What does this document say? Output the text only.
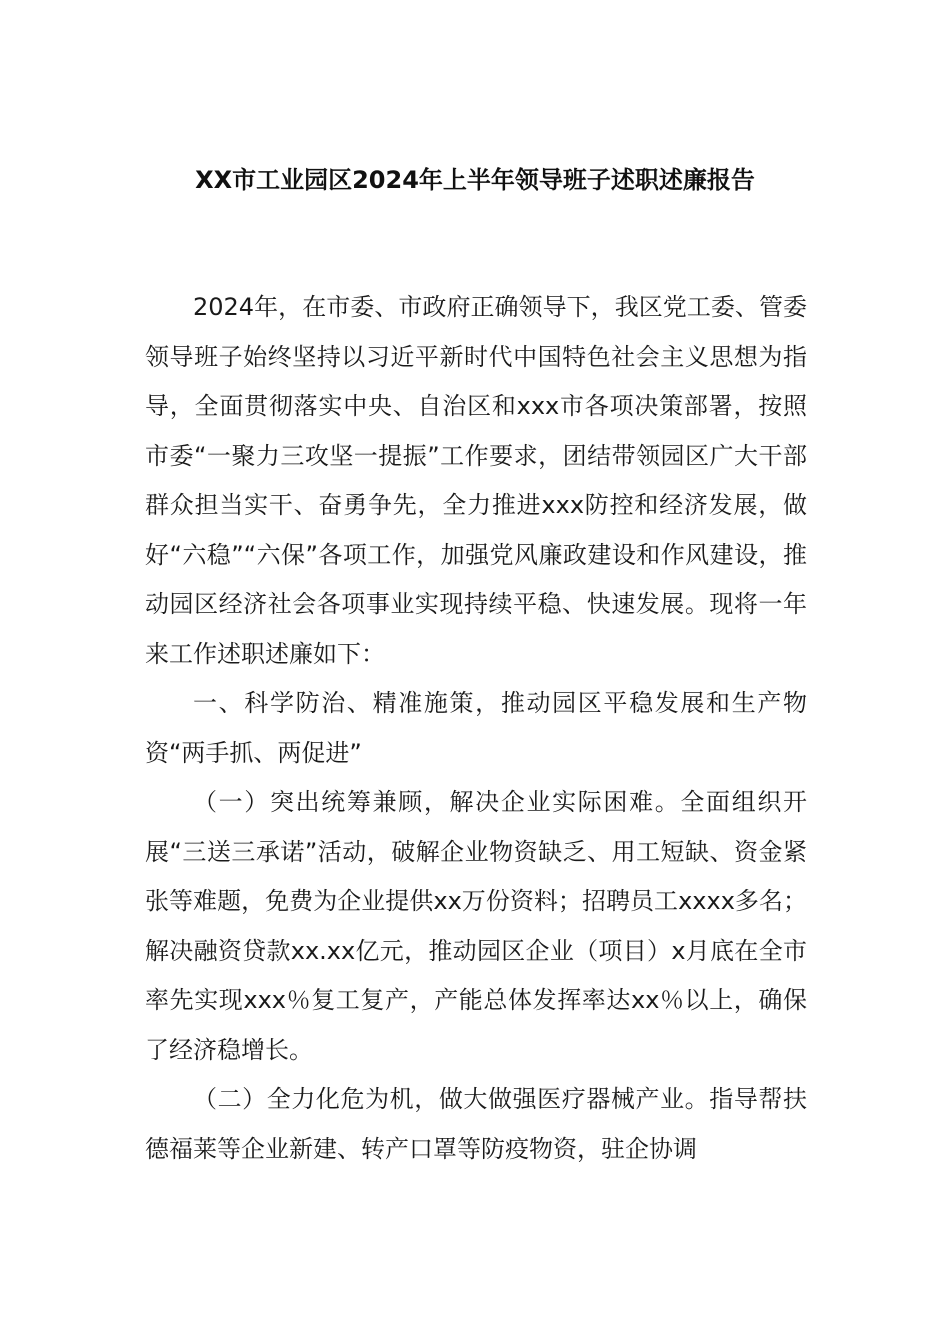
XX市工业园区2024年上半年领导班子述职述廉报告

2024年，在市委、市政府正确领导下，我区党工委、管委领导班子始终坚持以习近平新时代中国特色社会主义思想为指导，全面贯彻落实中央、自治区和xxx市各项决策部署，按照市委“一聚力三攻坚一提振”工作要求，团结带领园区广大干部群众担当实干、奋勇争先，全力推进xxx防控和经济发展，做好“六稳”“六保”各项工作，加强党风廉政建设和作风建设，推动园区经济社会各项事业实现持续平稳、快速发展。现将一年来工作述职述廉如下：

一、科学防治、精准施策，推动园区平稳发展和生产物资“两手抓、两促进”

（一）突出统筹兼顾，解决企业实际困难。全面组织开展“三送三承诺”活动，破解企业物资缺乏、用工短缺、资金紧张等难题，免费为企业提供xx万份资料；招聘员工xxxx多名；解决融资贷款xx.xx亿元，推动园区企业（项目）x月底在全市率先实现xxx％复工复产，产能总体发挥率达xx％以上，确保了经济稳增长。

（二）全力化危为机，做大做强医疗器械产业。指导帮扶德福莱等企业新建、转产口罩等防疫物资，驻企协调
